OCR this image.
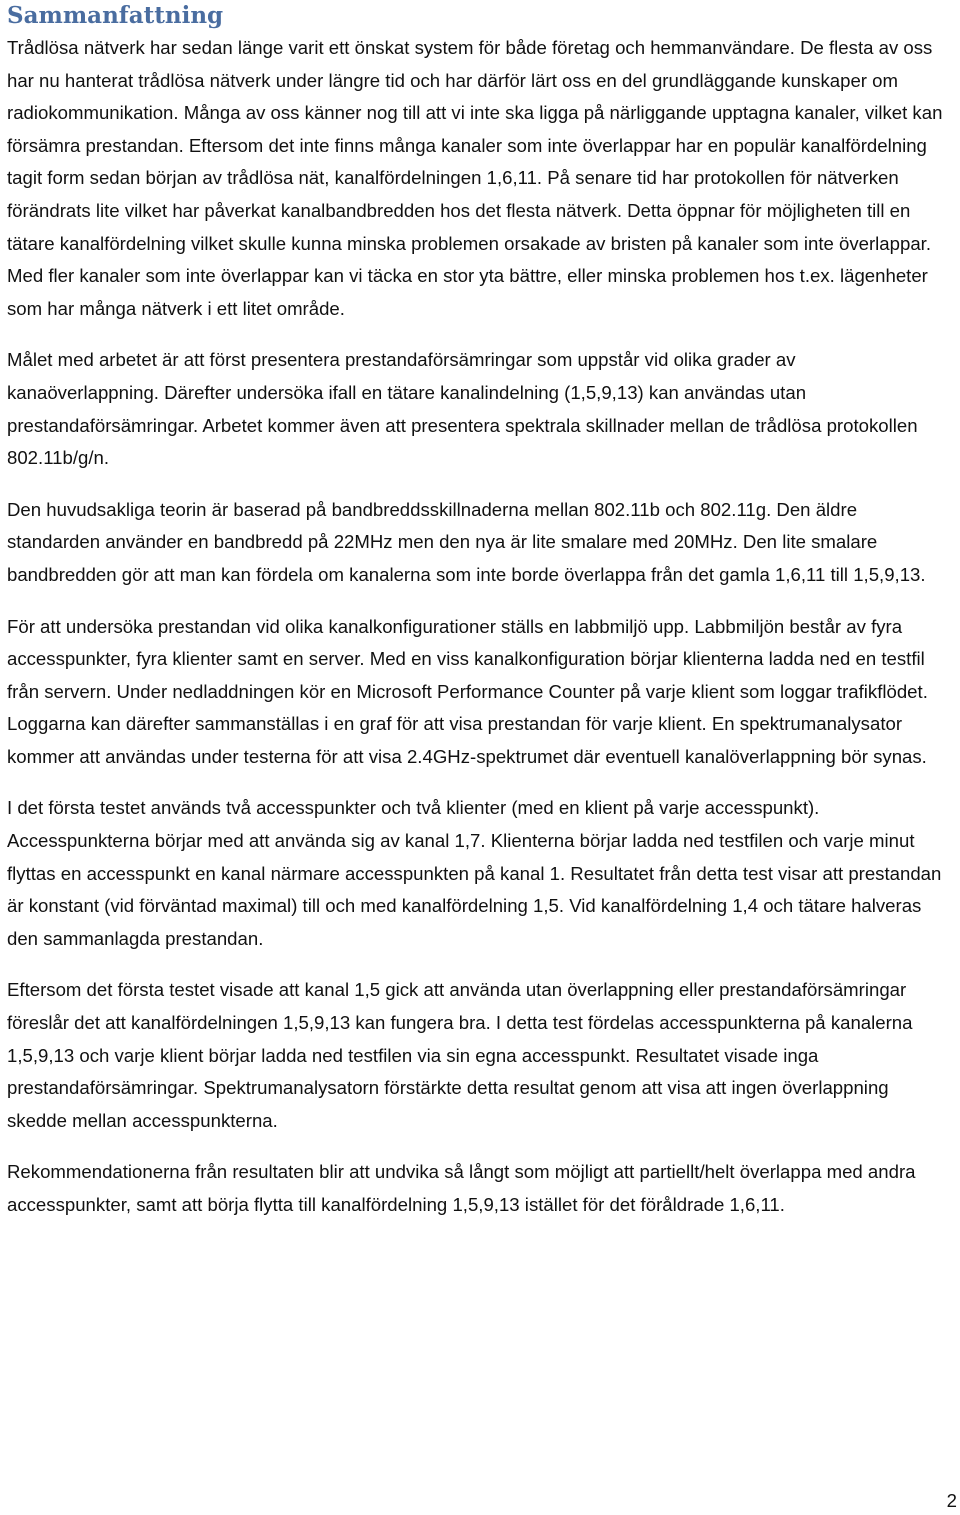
Sammanfattning

Trådlösa nätverk har sedan länge varit ett önskat system för både företag och hemmanvändare. De flesta av oss har nu hanterat trådlösa nätverk under längre tid och har därför lärt oss en del grundläggande kunskaper om radiokommunikation. Många av oss känner nog till att vi inte ska ligga på närliggande upptagna kanaler, vilket kan försämra prestandan. Eftersom det inte finns många kanaler som inte överlappar har en populär kanalfördelning tagit form sedan början av trådlösa nät, kanalfördelningen 1,6,11. På senare tid har protokollen för nätverken förändrats lite vilket har påverkat kanalbandbredden hos det flesta nätverk. Detta öppnar för möjligheten till en tätare kanalfördelning vilket skulle kunna minska problemen orsakade av bristen på kanaler som inte överlappar. Med fler kanaler som inte överlappar kan vi täcka en stor yta bättre, eller minska problemen hos t.ex. lägenheter som har många nätverk i ett litet område.

Målet med arbetet är att först presentera prestandaförsämringar som uppstår vid olika grader av kanaöverlappning. Därefter undersöka ifall en tätare kanalindelning (1,5,9,13) kan användas utan prestandaförsämringar. Arbetet kommer även att presentera spektrala skillnader mellan de trådlösa protokollen 802.11b/g/n.

Den huvudsakliga teorin är baserad på bandbreddsskillnaderna mellan 802.11b och 802.11g. Den äldre standarden använder en bandbredd på 22MHz men den nya är lite smalare med 20MHz. Den lite smalare bandbredden gör att man kan fördela om kanalerna som inte borde överlappa från det gamla 1,6,11 till 1,5,9,13.

För att undersöka prestandan vid olika kanalkonfigurationer ställs en labbmiljö upp. Labbmiljön består av fyra accesspunkter, fyra klienter samt en server. Med en viss kanalkonfiguration börjar klienterna ladda ned en testfil från servern. Under nedladdningen kör en Microsoft Performance Counter på varje klient som loggar trafikflödet. Loggarna kan därefter sammanställas i en graf för att visa prestandan för varje klient. En spektrumanalysator kommer att användas under testerna för att visa 2.4GHz-spektrumet där eventuell kanalöverlappning bör synas.

I det första testet används två accesspunkter och två klienter (med en klient på varje accesspunkt). Accesspunkterna börjar med att använda sig av kanal 1,7. Klienterna börjar ladda ned testfilen och varje minut flyttas en accesspunkt en kanal närmare accesspunkten på kanal 1. Resultatet från detta test visar att prestandan är konstant (vid förväntad maximal) till och med kanalfördelning 1,5. Vid kanalfördelning 1,4 och tätare halveras den sammanlagda prestandan.

Eftersom det första testet visade att kanal 1,5 gick att använda utan överlappning eller prestandaförsämringar föreslår det att kanalfördelningen 1,5,9,13 kan fungera bra. I detta test fördelas accesspunkterna på kanalerna 1,5,9,13 och varje klient börjar ladda ned testfilen via sin egna accesspunkt. Resultatet visade inga prestandaförsämringar. Spektrumanalysatorn förstärkte detta resultat genom att visa att ingen överlappning skedde mellan accesspunkterna.

Rekommendationerna från resultaten blir att undvika så långt som möjligt att partiellt/helt överlappa med andra accesspunkter, samt att börja flytta till kanalfördelning 1,5,9,13 istället för det föråldrade 1,6,11.

2
